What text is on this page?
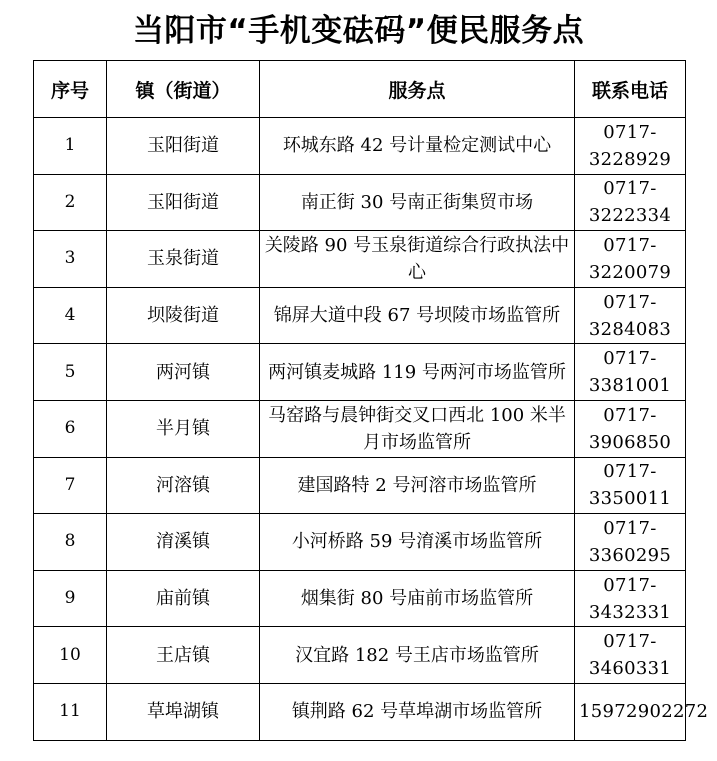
当阳市“手机变砝码”便民服务点
序号	镇（街道）	服务点	联系电话
1	玉阳街道	环城东路 42 号计量检定测试中心	0717-3228929
2	玉阳街道	南正街 30 号南正街集贸市场	0717-3222334
3	玉泉街道	关陵路 90 号玉泉街道综合行政执法中心	0717-3220079
4	坝陵街道	锦屏大道中段 67 号坝陵市场监管所	0717-3284083
5	两河镇	两河镇麦城路 119 号两河市场监管所	0717-3381001
6	半月镇	马窑路与晨钟街交叉口西北 100 米半月市场监管所	0717-3906850
7	河溶镇	建国路特 2 号河溶市场监管所	0717-3350011
8	淯溪镇	小河桥路 59 号淯溪市场监管所	0717-3360295
9	庙前镇	烟集街 80 号庙前市场监管所	0717-3432331
10	王店镇	汉宜路 182 号王店市场监管所	0717-3460331
11	草埠湖镇	镇荆路 62 号草埠湖市场监管所	15972902272
